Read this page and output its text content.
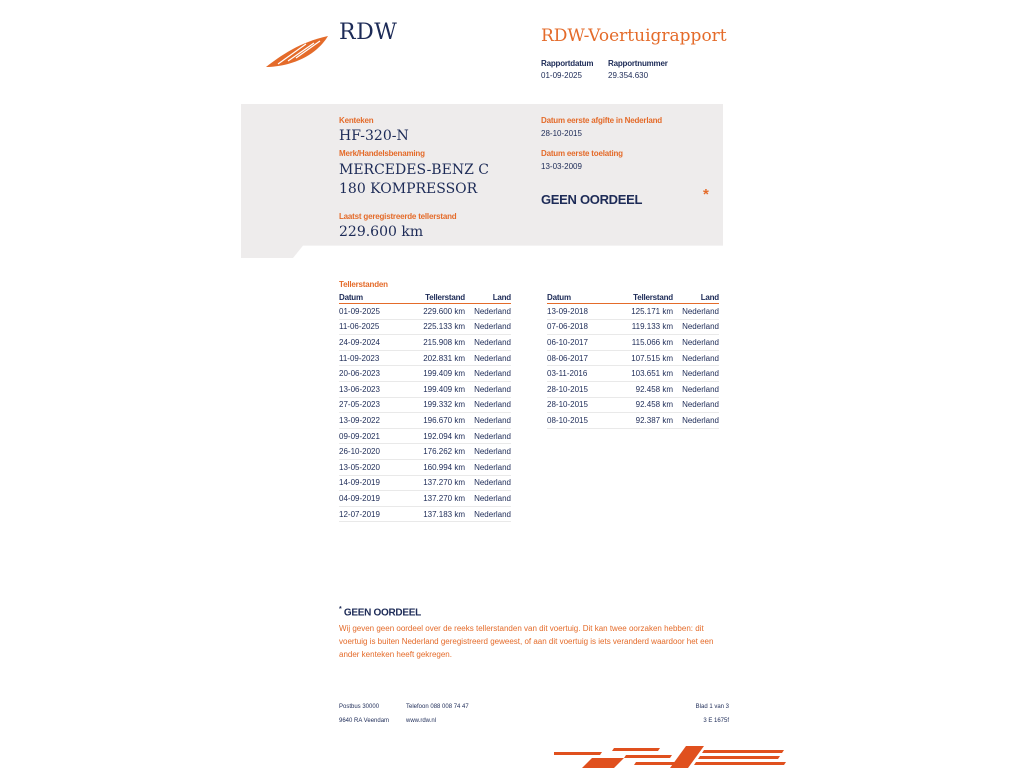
RDW	RDW-Voertuigrapport
Rapportdatum
01-09-2025
Rapportnummer
29.354.630
Kenteken
HF-320-N
Merk/Handelsbenaming
MERCEDES-BENZ C
180 KOMPRESSOR
Laatst geregistreerde tellerstand
229.600 km
Datum eerste afgifte in Nederland
28-10-2015
Datum eerste toelating
13-03-2009
GEEN OORDEEL	*
Tellerstanden
Datum	Tellerstand	Land
01-09-2025	229.600 km	Nederland
11-06-2025	225.133 km	Nederland
24-09-2024	215.908 km	Nederland
11-09-2023	202.831 km	Nederland
20-06-2023	199.409 km	Nederland
13-06-2023	199.409 km	Nederland
27-05-2023	199.332 km	Nederland
13-09-2022	196.670 km	Nederland
09-09-2021	192.094 km	Nederland
26-10-2020	176.262 km	Nederland
13-05-2020	160.994 km	Nederland
14-09-2019	137.270 km	Nederland
04-09-2019	137.270 km	Nederland
12-07-2019	137.183 km	Nederland
Datum	Tellerstand	Land
13-09-2018	125.171 km	Nederland
07-06-2018	119.133 km	Nederland
06-10-2017	115.066 km	Nederland
08-06-2017	107.515 km	Nederland
03-11-2016	103.651 km	Nederland
28-10-2015	92.458 km	Nederland
28-10-2015	92.458 km	Nederland
08-10-2015	92.387 km	Nederland
* GEEN OORDEEL
Wij geven geen oordeel over de reeks tellerstanden van dit voertuig. Dit kan twee oorzaken hebben: dit voertuig is buiten Nederland geregistreerd geweest, of aan dit voertuig is iets veranderd waardoor het een ander kenteken heeft gekregen.
Postbus 30000
9640 RA Veendam
Telefoon 088 008 74 47
www.rdw.nl
Blad 1 van 3
3 E 1675f
